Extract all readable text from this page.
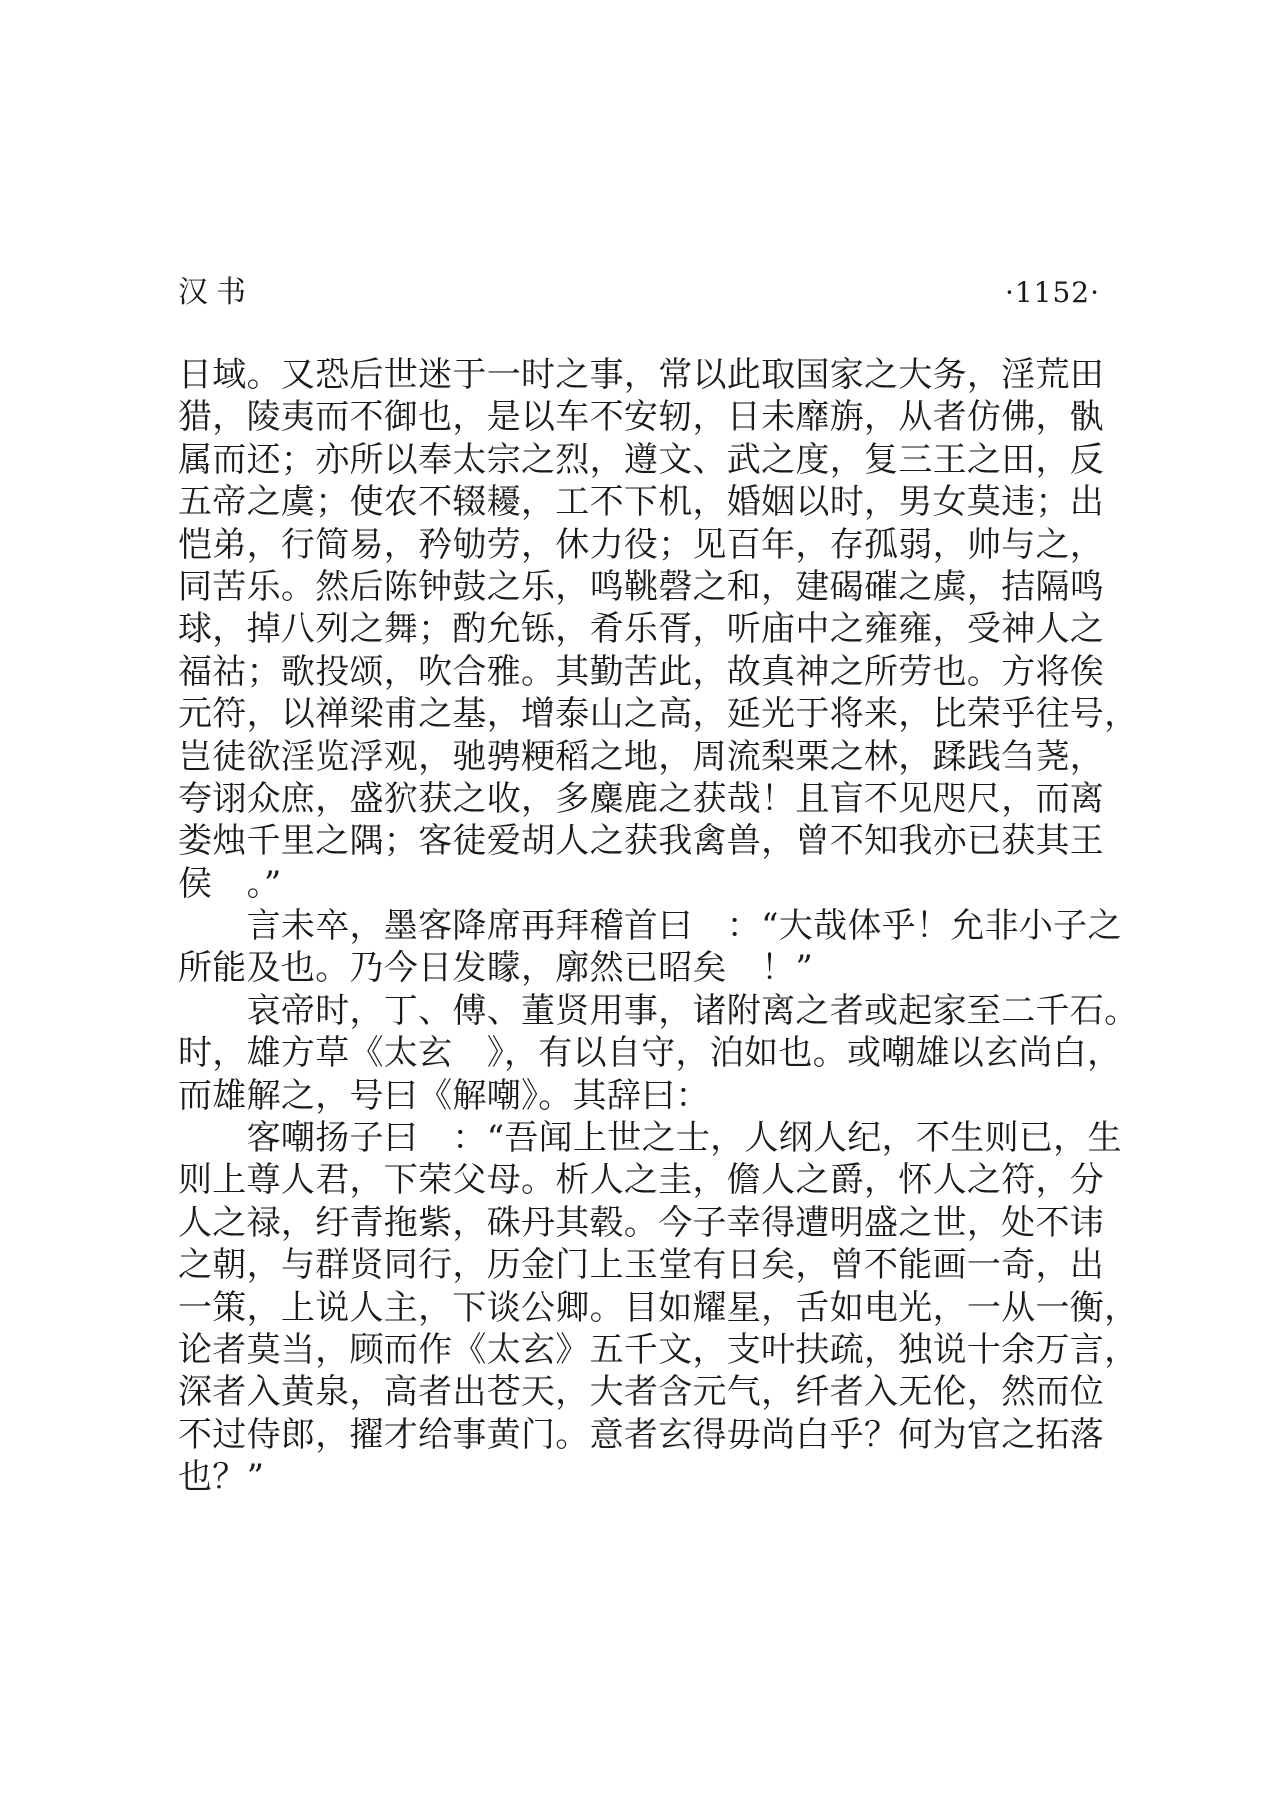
汉书	·1152·
日域。又恐后世迷于一时之事，常以此取国家之大务，淫荒田
猎，陵夷而不御也，是以车不安轫，日未靡旃，从者仿佛，骫
属而还；亦所以奉太宗之烈，遵文、武之度，复三王之田，反
五帝之虞；使农不辍耰，工不下机，婚姻以时，男女莫违；出
恺弟，行简易，矜劬劳，休力役；见百年，存孤弱，帅与之，
同苦乐。然后陈钟鼓之乐，鸣鞉磬之和，建碣磪之虡，拮隔鸣
球，掉八列之舞；酌允铄，肴乐胥，听庙中之雍雍，受神人之
福祜；歌投颂，吹合雅。其勤苦此，故真神之所劳也。方将俟
元符，以禅梁甫之基，增泰山之高，延光于将来，比荣乎往号，
岂徒欲淫览浮观，驰骋粳稻之地，周流梨栗之林，蹂践刍荛，
夸诩众庶，盛狖获之收，多麋鹿之获哉！且盲不见咫尺，而离
娄烛千里之隅；客徒爱胡人之获我禽兽，曾不知我亦已获其王
侯　。”
　　言未卒，墨客降席再拜稽首曰　：“大哉体乎！允非小子之
所能及也。乃今日发矇，廓然已昭矣　！”
　　哀帝时，丁、傅、董贤用事，诸附离之者或起家至二千石。
时，雄方草《太玄　》，有以自守，泊如也。或嘲雄以玄尚白，
而雄解之，号曰《解嘲》。其辞曰：
　　客嘲扬子曰　：“吾闻上世之士，人纲人纪，不生则已，生
则上尊人君，下荣父母。析人之圭，儋人之爵，怀人之符，分
人之禄，纡青拖紫，硃丹其毂。今子幸得遭明盛之世，处不讳
之朝，与群贤同行，历金门上玉堂有日矣，曾不能画一奇，出
一策，上说人主，下谈公卿。目如耀星，舌如电光，一从一衡，
论者莫当，顾而作《太玄》五千文，支叶扶疏，独说十余万言，
深者入黄泉，高者出苍天，大者含元气，纤者入无伦，然而位
不过侍郎，擢才给事黄门。意者玄得毋尚白乎？何为官之拓落
也？”
